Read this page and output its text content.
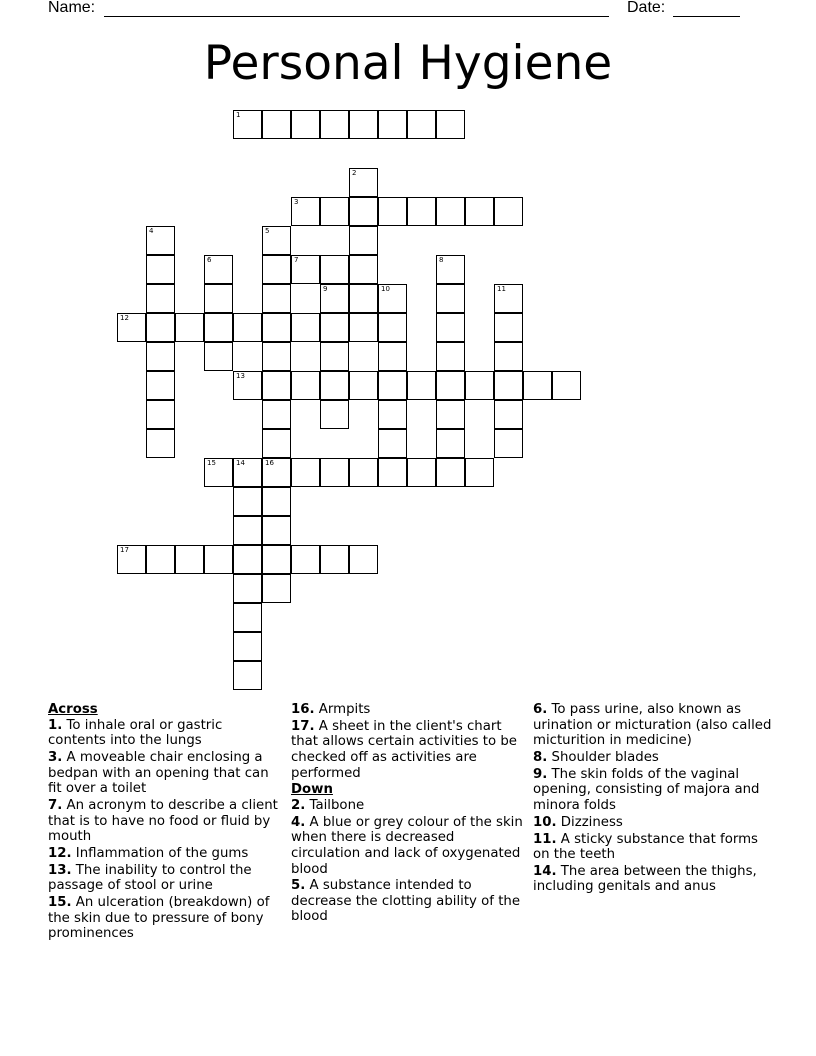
Name:	Date:
Personal Hygiene
1
2
3
4	5
16
6	7	8
9	10	11
12
13
14
15
17
Across
1. To inhale oral or gastric contents into the lungs
3. A moveable chair enclosing a bedpan with an opening that can fit over a toilet
7. An acronym to describe a client that is to have no food or fluid by mouth
12. Inflammation of the gums
13. The inability to control the passage of stool or urine
15. An ulceration (breakdown) of the skin due to pressure of bony prominences
16. Armpits
17. A sheet in the client's chart that allows certain activities to be checked off as activities are performed
Down
2. Tailbone
4. A blue or grey colour of the skin when there is decreased circulation and lack of oxygenated blood
5. A substance intended to decrease the clotting ability of the blood
6. To pass urine, also known as urination or micturation (also called micturition in medicine)
8. Shoulder blades
9. The skin folds of the vaginal opening, consisting of majora and minora folds
10. Dizziness
11. A sticky substance that forms on the teeth
14. The area between the thighs, including genitals and anus
